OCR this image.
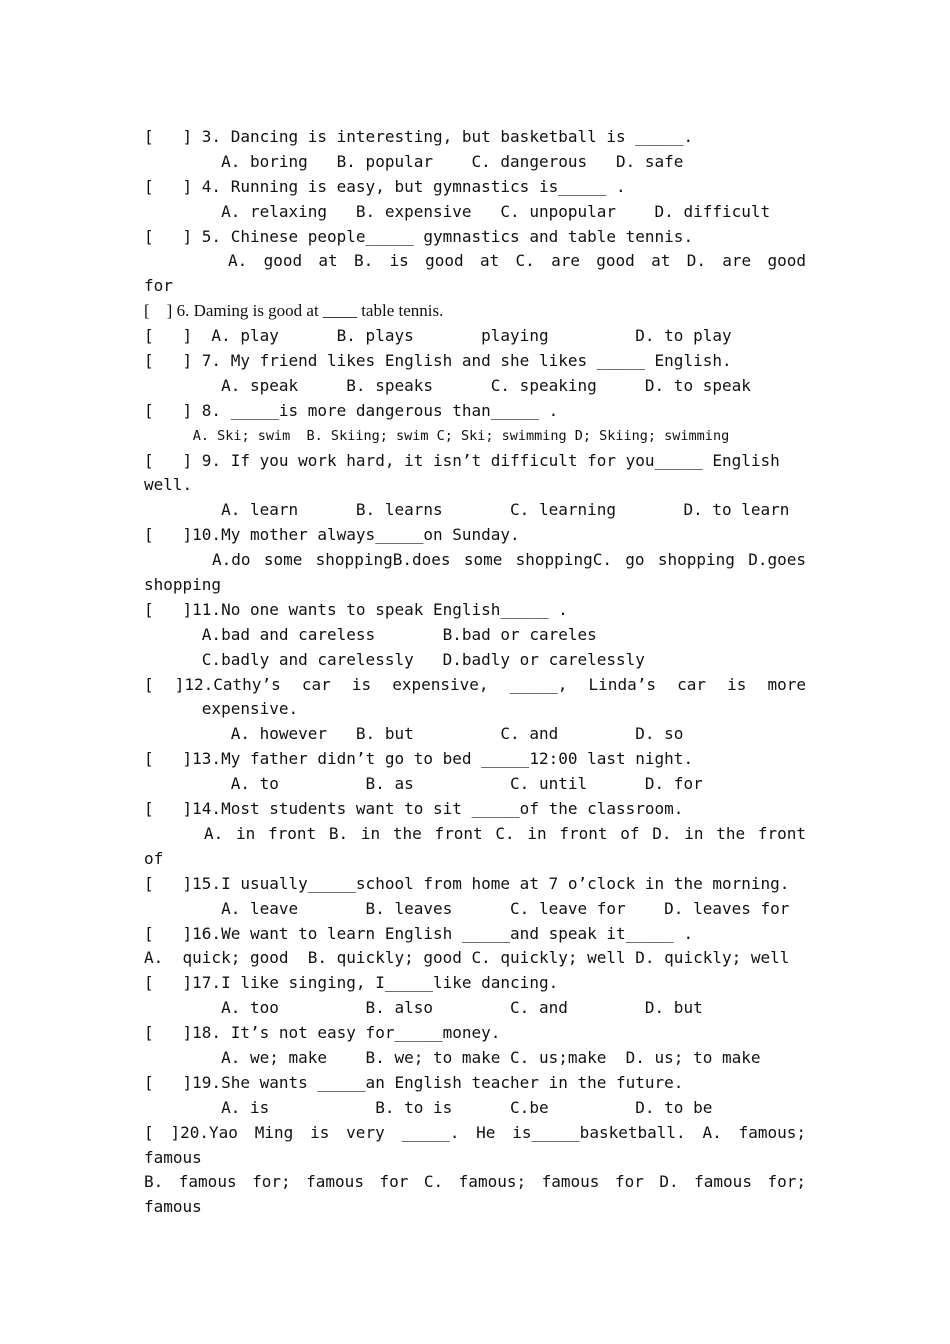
[   ] 3. Dancing is interesting, but basketball is _____.
A. boring   B. popular    C. dangerous   D. safe
[   ] 4. Running is easy, but gymnastics is_____ .
A. relaxing   B. expensive   C. unpopular    D. difficult
[   ] 5. Chinese people_____ gymnastics and table tennis.
A. good at B. is good at C. are good at D. are good
for
[    ] 6. Daming is good at ____ table tennis.
[   ]  A. play      B. plays       playing         D. to play
[   ] 7. My friend likes English and she likes _____ English.
A. speak     B. speaks      C. speaking     D. to speak
[   ] 8. _____is more dangerous than_____ .
A. Ski; swim  B. Skiing; swim C; Ski; swimming D; Skiing; swimming
[   ] 9. If you work hard, it isn’t difficult for you_____ English
well.
A. learn      B. learns       C. learning       D. to learn
[   ]10.My mother always_____on Sunday.
A.do some shoppingB.does some shoppingC. go shopping D.goes
shopping
[   ]11.No one wants to speak English_____ .
A.bad and careless       B.bad or careles
C.badly and carelessly   D.badly or carelessly
[ ]12.Cathy’s car is expensive, _____, Linda’s car is more
expensive.
A. however   B. but         C. and        D. so
[   ]13.My father didn’t go to bed _____12:00 last night.
A. to         B. as          C. until      D. for
[   ]14.Most students want to sit _____of the classroom.
A. in front B. in the front C. in front of D. in the front
of
[   ]15.I usually_____school from home at 7 o’clock in the morning.
A. leave       B. leaves      C. leave for    D. leaves for
[   ]16.We want to learn English _____and speak it_____ .
A.  quick; good  B. quickly; good C. quickly; well D. quickly; well
[   ]17.I like singing, I_____like dancing.
A. too         B. also        C. and        D. but
[   ]18. It’s not easy for_____money.
A. we; make    B. we; to make C. us;make  D. us; to make
[   ]19.She wants _____an English teacher in the future.
A. is           B. to is      C.be         D. to be
[ ]20.Yao Ming is very _____. He is_____basketball. A. famous;
famous
B. famous for; famous for C. famous; famous for D. famous for;
famous
